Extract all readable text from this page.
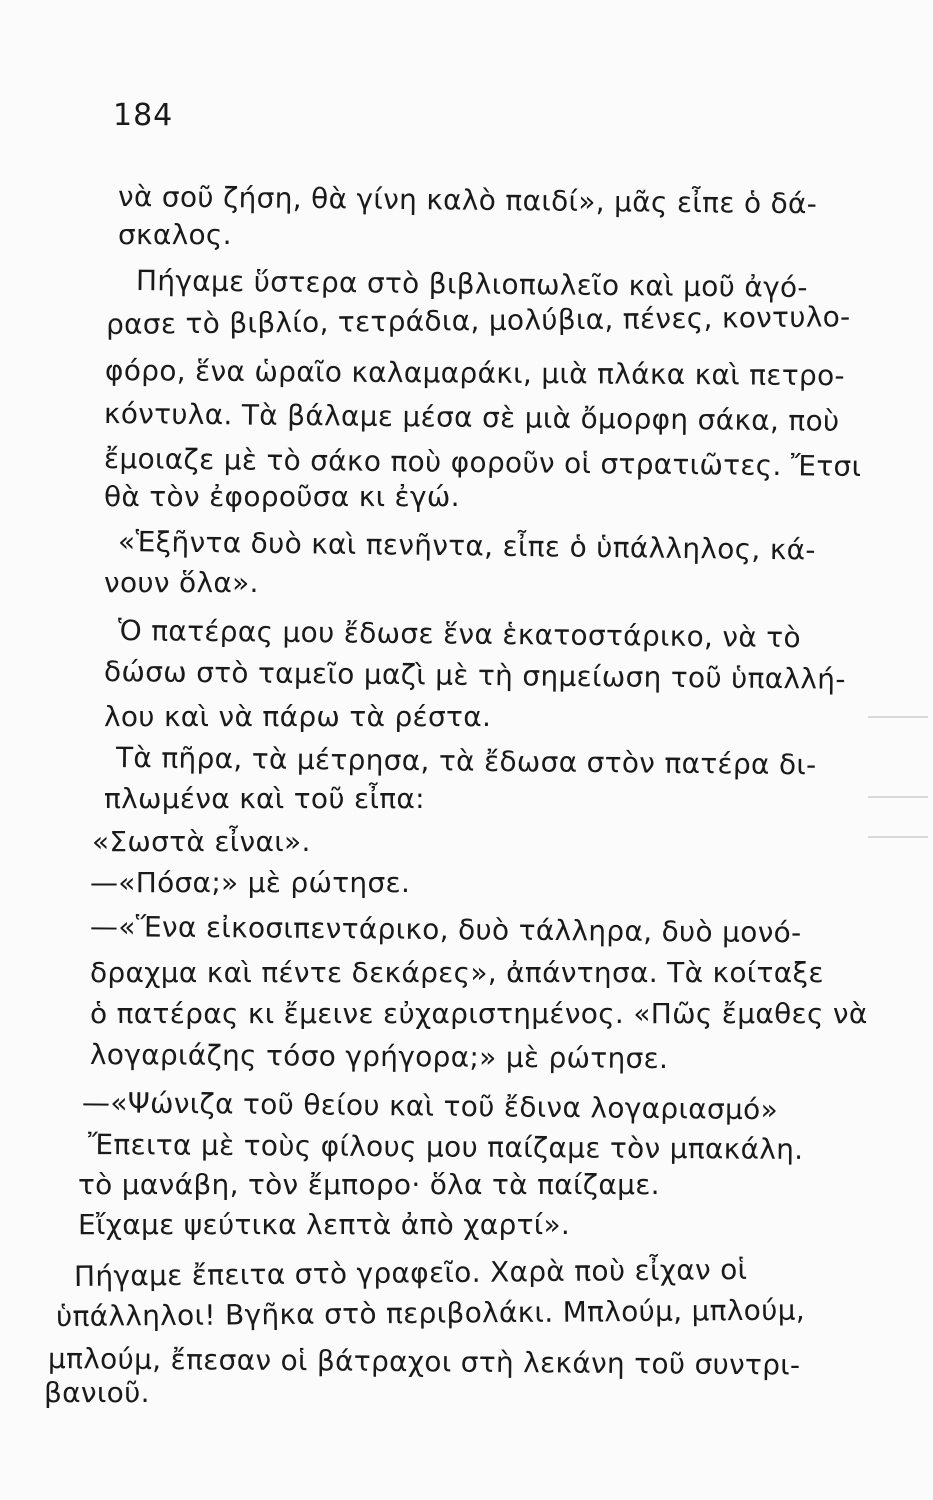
184
νὰ σοῦ ζήση, θὰ γίνη καλὸ παιδί», μᾶς εἶπε ὁ δά-
σκαλος.
Πήγαμε ὕστερα στὸ βιβλιοπωλεῖο καὶ μοῦ ἀγό-
ρασε τὸ βιβλίο, τετράδια, μολύβια, πένες, κοντυλο-
φόρο, ἕνα ὡραῖο καλαμαράκι, μιὰ πλάκα καὶ πετρο-
κόντυλα. Τὰ βάλαμε μέσα σὲ μιὰ ὄμορφη σάκα, ποὺ
ἔμοιαζε μὲ τὸ σάκο ποὺ φοροῦν οἱ στρατιῶτες. Ἔτσι
θὰ τὸν ἐφοροῦσα κι ἐγώ.
«Ἑξῆντα δυὸ καὶ πενῆντα, εἶπε ὁ ὑπάλληλος, κά-
νουν ὅλα».
Ὁ πατέρας μου ἔδωσε ἕνα ἑκατοστάρικο, νὰ τὸ
δώσω στὸ ταμεῖο μαζὶ μὲ τὴ σημείωση τοῦ ὑπαλλή-
λου καὶ νὰ πάρω τὰ ρέστα.
Τὰ πῆρα, τὰ μέτρησα, τὰ ἔδωσα στὸν πατέρα δι-
πλωμένα καὶ τοῦ εἶπα:
«Σωστὰ εἶναι».
—«Πόσα;» μὲ ρώτησε.
—«Ἕνα εἰκοσιπεντάρικο, δυὸ τάλληρα, δυὸ μονό-
δραχμα καὶ πέντε δεκάρες», ἀπάντησα. Τὰ κοίταξε
ὁ πατέρας κι ἔμεινε εὐχαριστημένος. «Πῶς ἔμαθες νὰ
λογαριάζης τόσο γρήγορα;» μὲ ρώτησε.
—«Ψώνιζα τοῦ θείου καὶ τοῦ ἔδινα λογαριασμό»
Ἔπειτα μὲ τοὺς φίλους μου παίζαμε τὸν μπακάλη.
τὸ μανάβη, τὸν ἔμπορο· ὅλα τὰ παίζαμε.
Εἴχαμε ψεύτικα λεπτὰ ἀπὸ χαρτί».
Πήγαμε ἔπειτα στὸ γραφεῖο. Χαρὰ ποὺ εἶχαν οἱ
ὑπάλληλοι! Βγῆκα στὸ περιβολάκι. Μπλούμ, μπλούμ,
μπλούμ, ἔπεσαν οἱ βάτραχοι στὴ λεκάνη τοῦ συντρι-
βανιοῦ.
